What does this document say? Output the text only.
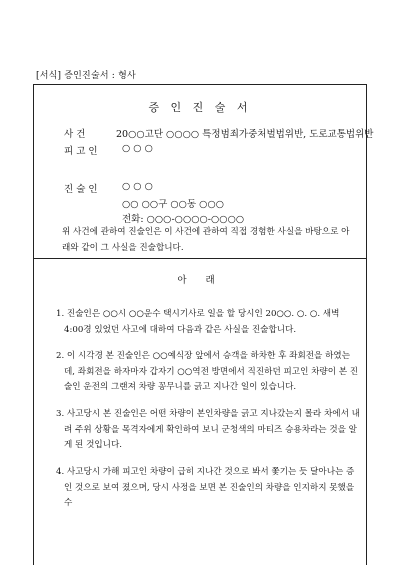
[서식] 증인진술서 : 형사
증 인 진 술 서
사 건	20○○고단 ○○○○ 특정범죄가중처벌법위반, 도로교통법위반
피 고 인	○ ○ ○
진 술 인	○ ○ ○
○○ ○○구 ○○동 ○○○
전화: ○○○-○○○○-○○○○
위 사건에 관하여 진술인은 이 사건에 관하여 직접 경험한 사실을 바탕으로 아래와 같이 그 사실을 진술합니다.
아 래
1. 진술인은 ○○시 ○○운수 택시기사로 일을 할 당시인 20○○. ○. ○. 새벽 4:00경 있었던 사고에 대하여 다음과 같은 사실을 진술합니다.
2. 이 시각경 본 진술인은 ○○예식장 앞에서 승객을 하차한 후 좌회전을 하였는데, 좌회전을 하자마자 갑자기 ○○역전 방면에서 직진하던 피고인 차량이 본 진술인 운전의 그랜져 차량 꽁무니를 긁고 지나간 일이 있습니다.
3. 사고당시 본 진술인은 어떤 차량이 본인차량을 긁고 지나갔는지 몰라 차에서 내려 주위 상황을 목격자에게 확인하여 보니 군청색의 마티즈 승용차라는 것을 알게 된 것입니다.
4. 사고당시 가해 피고인 차량이 급히 지나간 것으로 봐서 쫓기는 듯 달아나는 증인 것으로 보여 졌으며, 당시 사정을 보면 본 진술인의 차량을 인지하지 못했을 수
